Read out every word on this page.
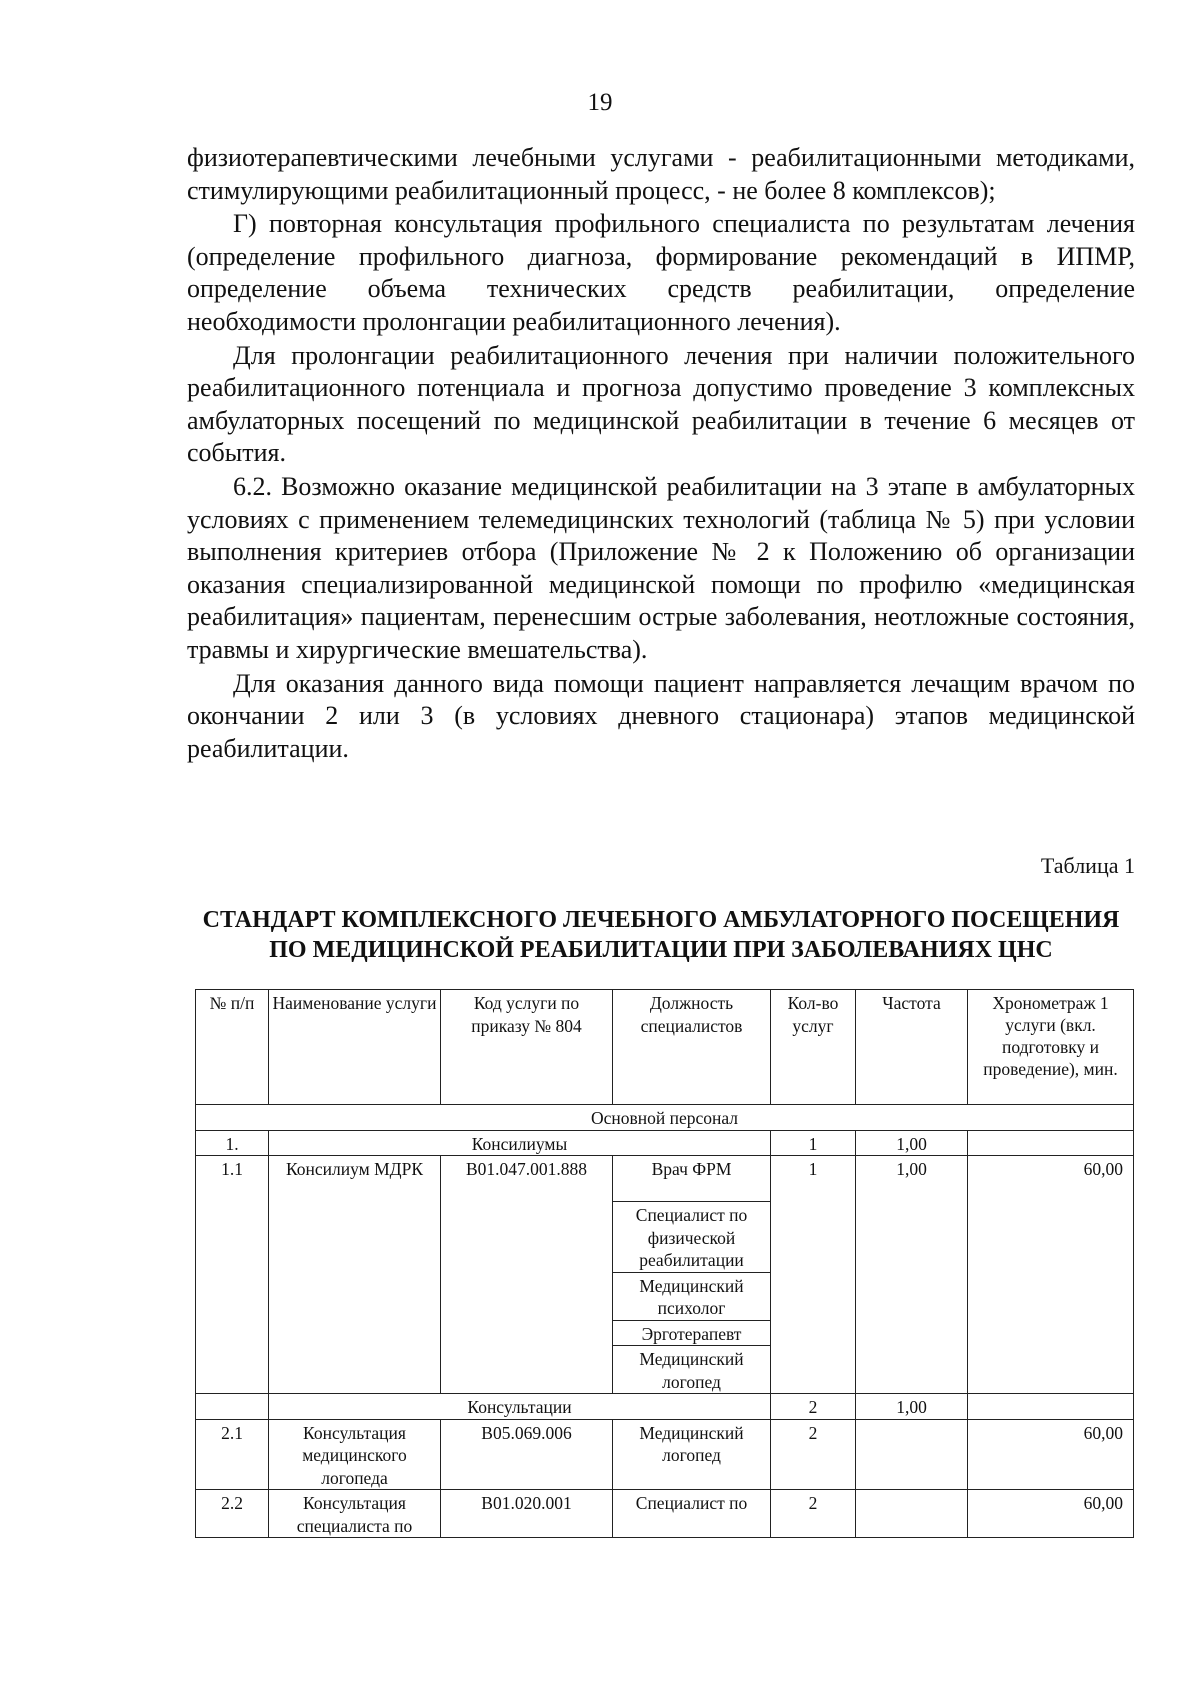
19

физиотерапевтическими лечебными услугами - реабилитационными методиками, стимулирующими реабилитационный процесс, - не более 8 комплексов);

Г) повторная консультация профильного специалиста по результатам лечения (определение профильного диагноза, формирование рекомендаций в ИПМР, определение объема технических средств реабилитации, определение необходимости пролонгации реабилитационного лечения).

Для пролонгации реабилитационного лечения при наличии положительного реабилитационного потенциала и прогноза допустимо проведение 3 комплексных амбулаторных посещений по медицинской реабилитации в течение 6 месяцев от события.

6.2. Возможно оказание медицинской реабилитации на 3 этапе в амбулаторных условиях с применением телемедицинских технологий (таблица № 5) при условии выполнения критериев отбора (Приложение № 2 к Положению об организации оказания специализированной медицинской помощи по профилю «медицинская реабилитация» пациентам, перенесшим острые заболевания, неотложные состояния, травмы и хирургические вмешательства).

Для оказания данного вида помощи пациент направляется лечащим врачом по окончании 2 или 3 (в условиях дневного стационара) этапов медицинской реабилитации.

Таблица 1
СТАНДАРТ КОМПЛЕКСНОГО ЛЕЧЕБНОГО АМБУЛАТОРНОГО ПОСЕЩЕНИЯ
ПО МЕДИЦИНСКОЙ РЕАБИЛИТАЦИИ ПРИ ЗАБОЛЕВАНИЯХ ЦНС
№ п/п	Наименование услуги	Код услуги по приказу № 804	Должность специалистов	Кол-во услуг	Частота	Хронометраж 1 услуги (вкл. подготовку и проведение), мин.
Основной персонал						
1.	Консилиумы			1	1,00	
1.1	Консилиум МДРК	B01.047.001.888	Врач ФРМ	1	1,00	60,00
			Специалист по физической реабилитации			
			Медицинский психолог			
			Эрготерапевт			
			Медицинский логопед			
	Консультации			2	1,00	
2.1	Консультация медицинского логопеда	B05.069.006	Медицинский логопед	2		60,00
2.2	Консультация специалиста по	B01.020.001	Специалист по	2		60,00
